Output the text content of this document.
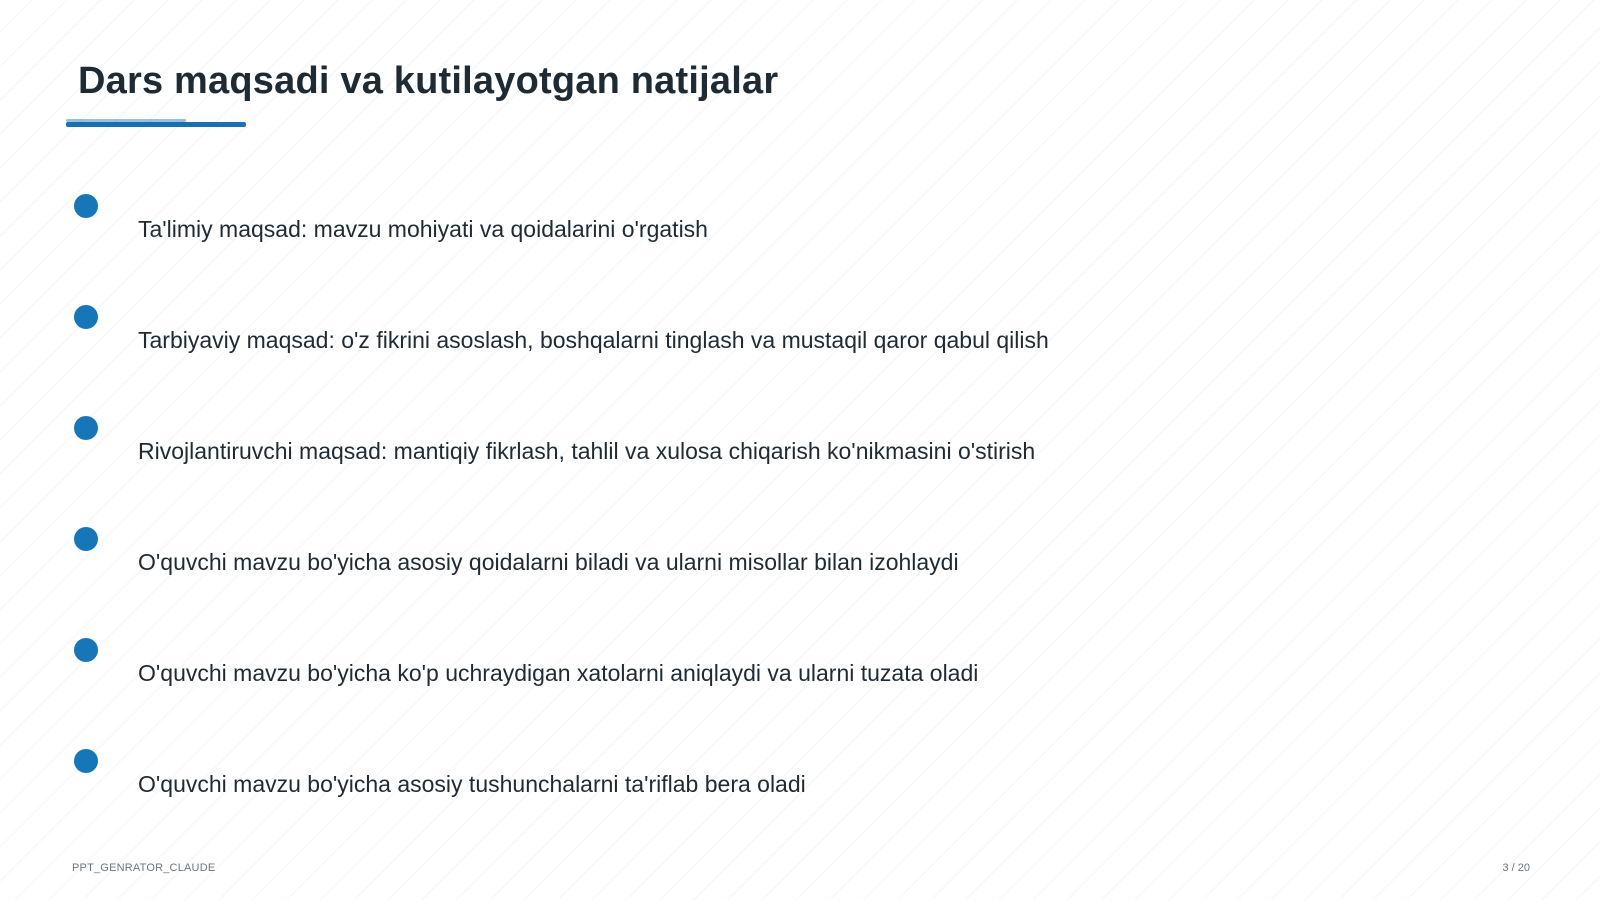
Dars maqsadi va kutilayotgan natijalar
Ta'limiy maqsad: mavzu mohiyati va qoidalarini o'rgatish
Tarbiyaviy maqsad: o'z fikrini asoslash, boshqalarni tinglash va mustaqil qaror qabul qilish
Rivojlantiruvchi maqsad: mantiqiy fikrlash, tahlil va xulosa chiqarish ko'nikmasini o'stirish
O'quvchi mavzu bo'yicha asosiy qoidalarni biladi va ularni misollar bilan izohlaydi
O'quvchi mavzu bo'yicha ko'p uchraydigan xatolarni aniqlaydi va ularni tuzata oladi
O'quvchi mavzu bo'yicha asosiy tushunchalarni ta'riflab bera oladi
PPT_GENRATOR_CLAUDE	3 / 20
